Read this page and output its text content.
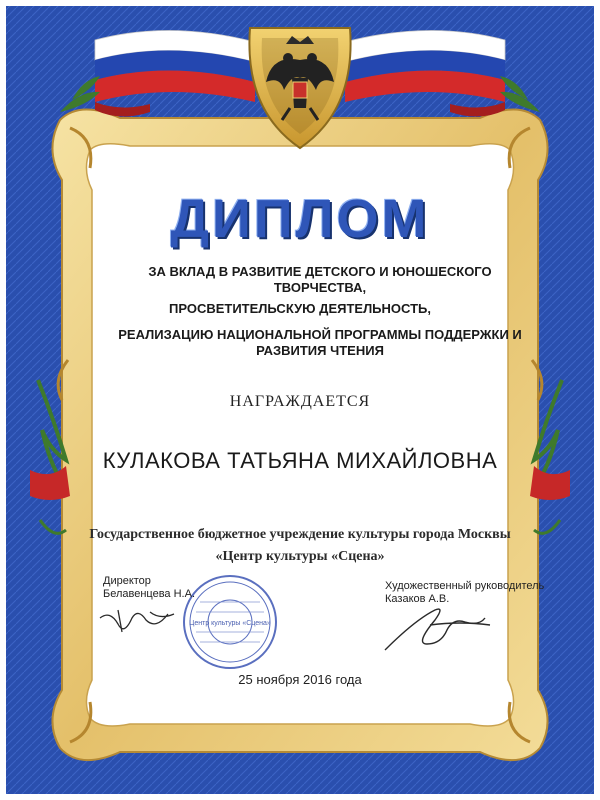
Центр культуры «Сцена»
ДИПЛОМ
ЗА ВКЛАД В РАЗВИТИЕ ДЕТСКОГО И ЮНОШЕСКОГО ТВОРЧЕСТВА,
ПРОСВЕТИТЕЛЬСКУЮ ДЕЯТЕЛЬНОСТЬ,
РЕАЛИЗАЦИЮ НАЦИОНАЛЬНОЙ ПРОГРАММЫ ПОДДЕРЖКИ И РАЗВИТИЯ ЧТЕНИЯ
НАГРАЖДАЕТСЯ
КУЛАКОВА ТАТЬЯНА МИХАЙЛОВНА
Государственное бюджетное учреждение культуры города Москвы
«Центр культуры «Сцена»
Директор
Белавенцева Н.А.
Художественный руководитель
Казаков А.В.
25 ноября 2016 года
